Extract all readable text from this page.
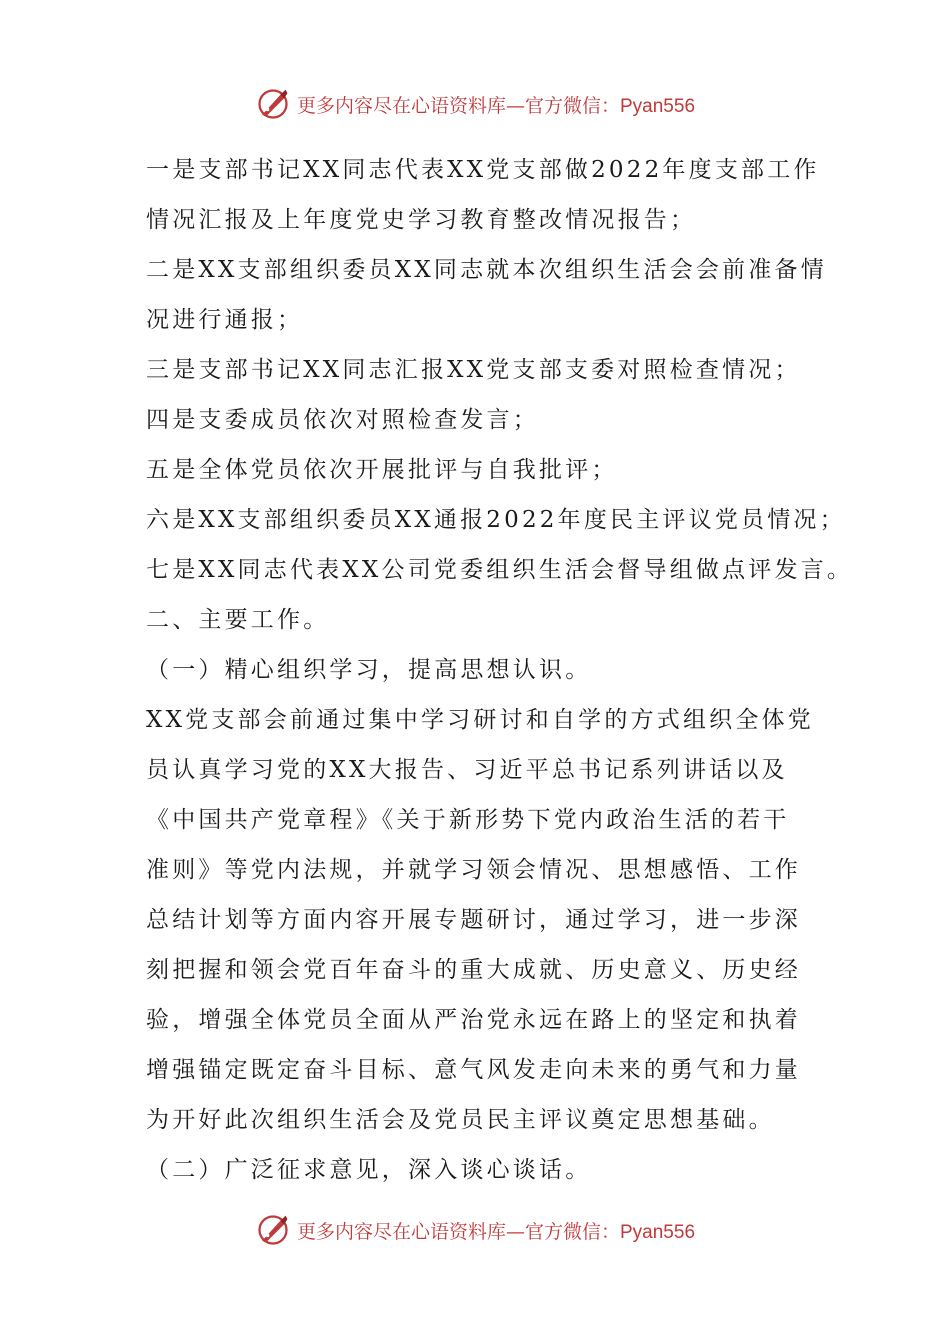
更多内容尽在心语资料库—官方微信：Pyan556
一是支部书记XX同志代表XX党支部做2022年度支部工作
情况汇报及上年度党史学习教育整改情况报告；
二是XX支部组织委员XX同志就本次组织生活会会前准备情
况进行通报；
三是支部书记XX同志汇报XX党支部支委对照检查情况；
四是支委成员依次对照检查发言；
五是全体党员依次开展批评与自我批评；
六是XX支部组织委员XX通报2022年度民主评议党员情况；
七是XX同志代表XX公司党委组织生活会督导组做点评发言。
二、主要工作。
（一）精心组织学习，提高思想认识。
XX党支部会前通过集中学习研讨和自学的方式组织全体党
员认真学习党的XX大报告、习近平总书记系列讲话以及
《中国共产党章程》《关于新形势下党内政治生活的若干
准则》等党内法规，并就学习领会情况、思想感悟、工作
总结计划等方面内容开展专题研讨，通过学习，进一步深
刻把握和领会党百年奋斗的重大成就、历史意义、历史经
验，增强全体党员全面从严治党永远在路上的坚定和执着
增强锚定既定奋斗目标、意气风发走向未来的勇气和力量
为开好此次组织生活会及党员民主评议奠定思想基础。
（二）广泛征求意见，深入谈心谈话。
更多内容尽在心语资料库—官方微信：Pyan556
